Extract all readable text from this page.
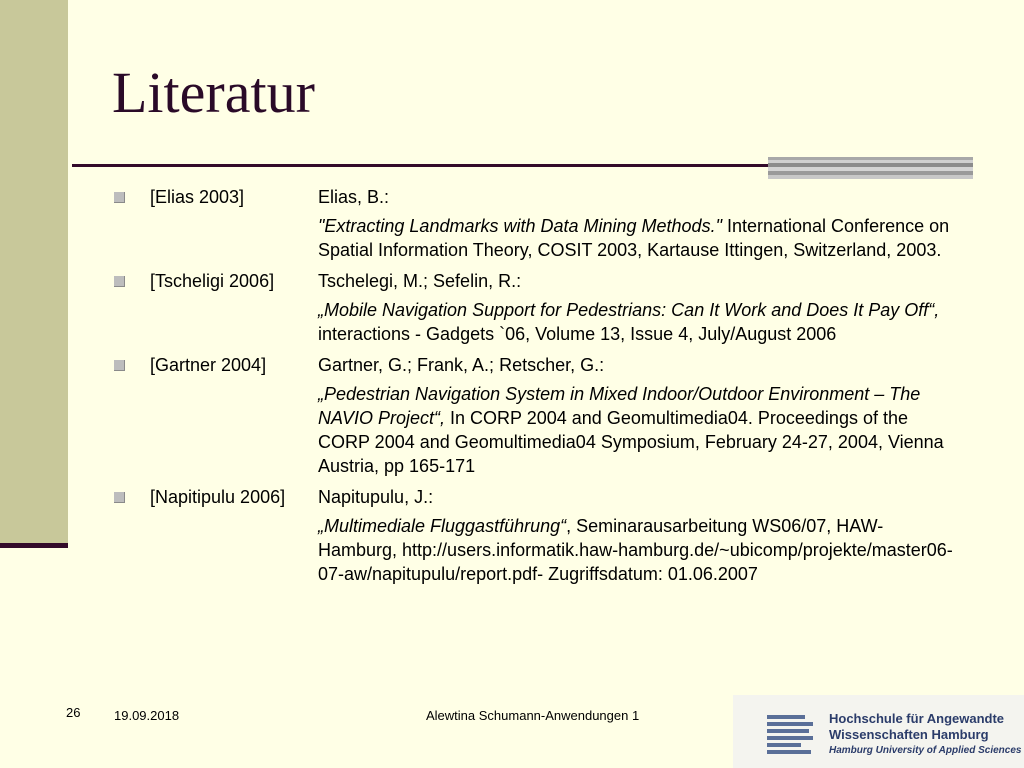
Literatur
[Elias 2003]	Elias, B.:
"Extracting Landmarks with Data Mining Methods." International Conference on Spatial Information Theory, COSIT 2003, Kartause Ittingen, Switzerland, 2003.
[Tscheligi 2006] Tschelegi, M.; Sefelin, R.:
„Mobile Navigation Support for Pedestrians: Can It Work and Does It Pay Off“, interactions - Gadgets `06, Volume 13, Issue 4, July/August 2006
[Gartner 2004]	Gartner, G.; Frank, A.; Retscher, G.:
„Pedestrian Navigation System in Mixed Indoor/Outdoor Environment – The NAVIO Project“, In CORP 2004 and Geomultimedia04. Proceedings of the CORP 2004 and Geomultimedia04 Symposium, February 24-27, 2004, Vienna Austria, pp 165-171
[Napitipulu 2006] Napitupulu, J.:
„Multimediale Fluggastführung“, Seminarausarbeitung WS06/07, HAW-Hamburg, http://users.informatik.haw-hamburg.de/~ubicomp/projekte/master06-07-aw/napitupulu/report.pdf- Zugriffsdatum: 01.06.2007
26	19.09.2018	Alewtina Schumann-Anwendungen 1	Hochschule für Angewandte
Wissenschaften Hamburg
Hamburg University of Applied Sciences
